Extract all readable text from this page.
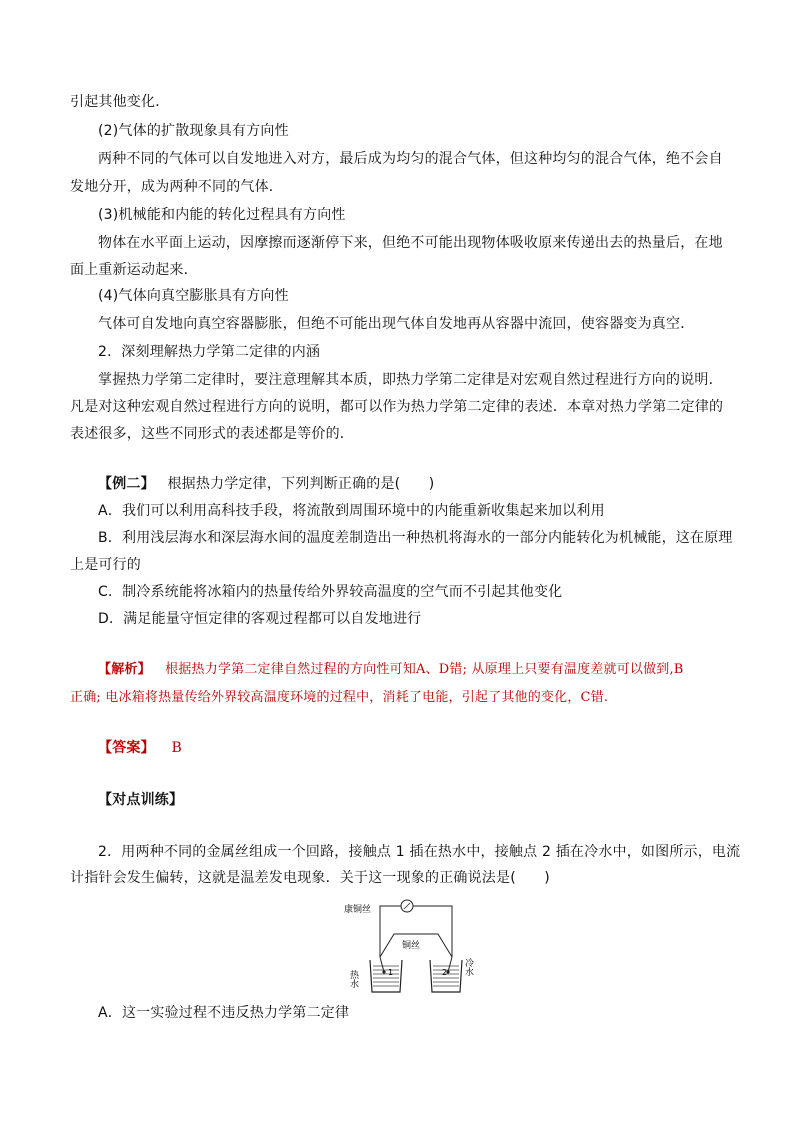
引起其他变化．
(2)气体的扩散现象具有方向性
两种不同的气体可以自发地进入对方，最后成为均匀的混合气体，但这种均匀的混合气体，绝不会自
发地分开，成为两种不同的气体．
(3)机械能和内能的转化过程具有方向性
物体在水平面上运动，因摩擦而逐渐停下来，但绝不可能出现物体吸收原来传递出去的热量后，在地
面上重新运动起来．
(4)气体向真空膨胀具有方向性
气体可自发地向真空容器膨胀，但绝不可能出现气体自发地再从容器中流回，使容器变为真空．
2．深刻理解热力学第二定律的内涵
掌握热力学第二定律时，要注意理解其本质，即热力学第二定律是对宏观自然过程进行方向的说明．
凡是对这种宏观自然过程进行方向的说明，都可以作为热力学第二定律的表述．本章对热力学第二定律的
表述很多，这些不同形式的表述都是等价的．
【例二】 根据热力学定律，下列判断正确的是(　　)
A．我们可以利用高科技手段，将流散到周围环境中的内能重新收集起来加以利用
B．利用浅层海水和深层海水间的温度差制造出一种热机将海水的一部分内能转化为机械能，这在原理
上是可行的
C．制冷系统能将冰箱内的热量传给外界较高温度的空气而不引起其他变化
D．满足能量守恒定律的客观过程都可以自发地进行
【解析】 根据热力学第二定律自然过程的方向性可知A、D错; 从原理上只要有温度差就可以做到,B
正确; 电冰箱将热量传给外界较高温度环境的过程中，消耗了电能，引起了其他的变化，C错.
【答案】 B
【对点训练】
2．用两种不同的金属丝组成一个回路，接触点 1 插在热水中，接触点 2 插在冷水中，如图所示，电流
计指针会发生偏转，这就是温差发电现象．关于这一现象的正确说法是(　　)
康铜丝
铜丝
1	2
热水
冷水
A．这一实验过程不违反热力学第二定律
